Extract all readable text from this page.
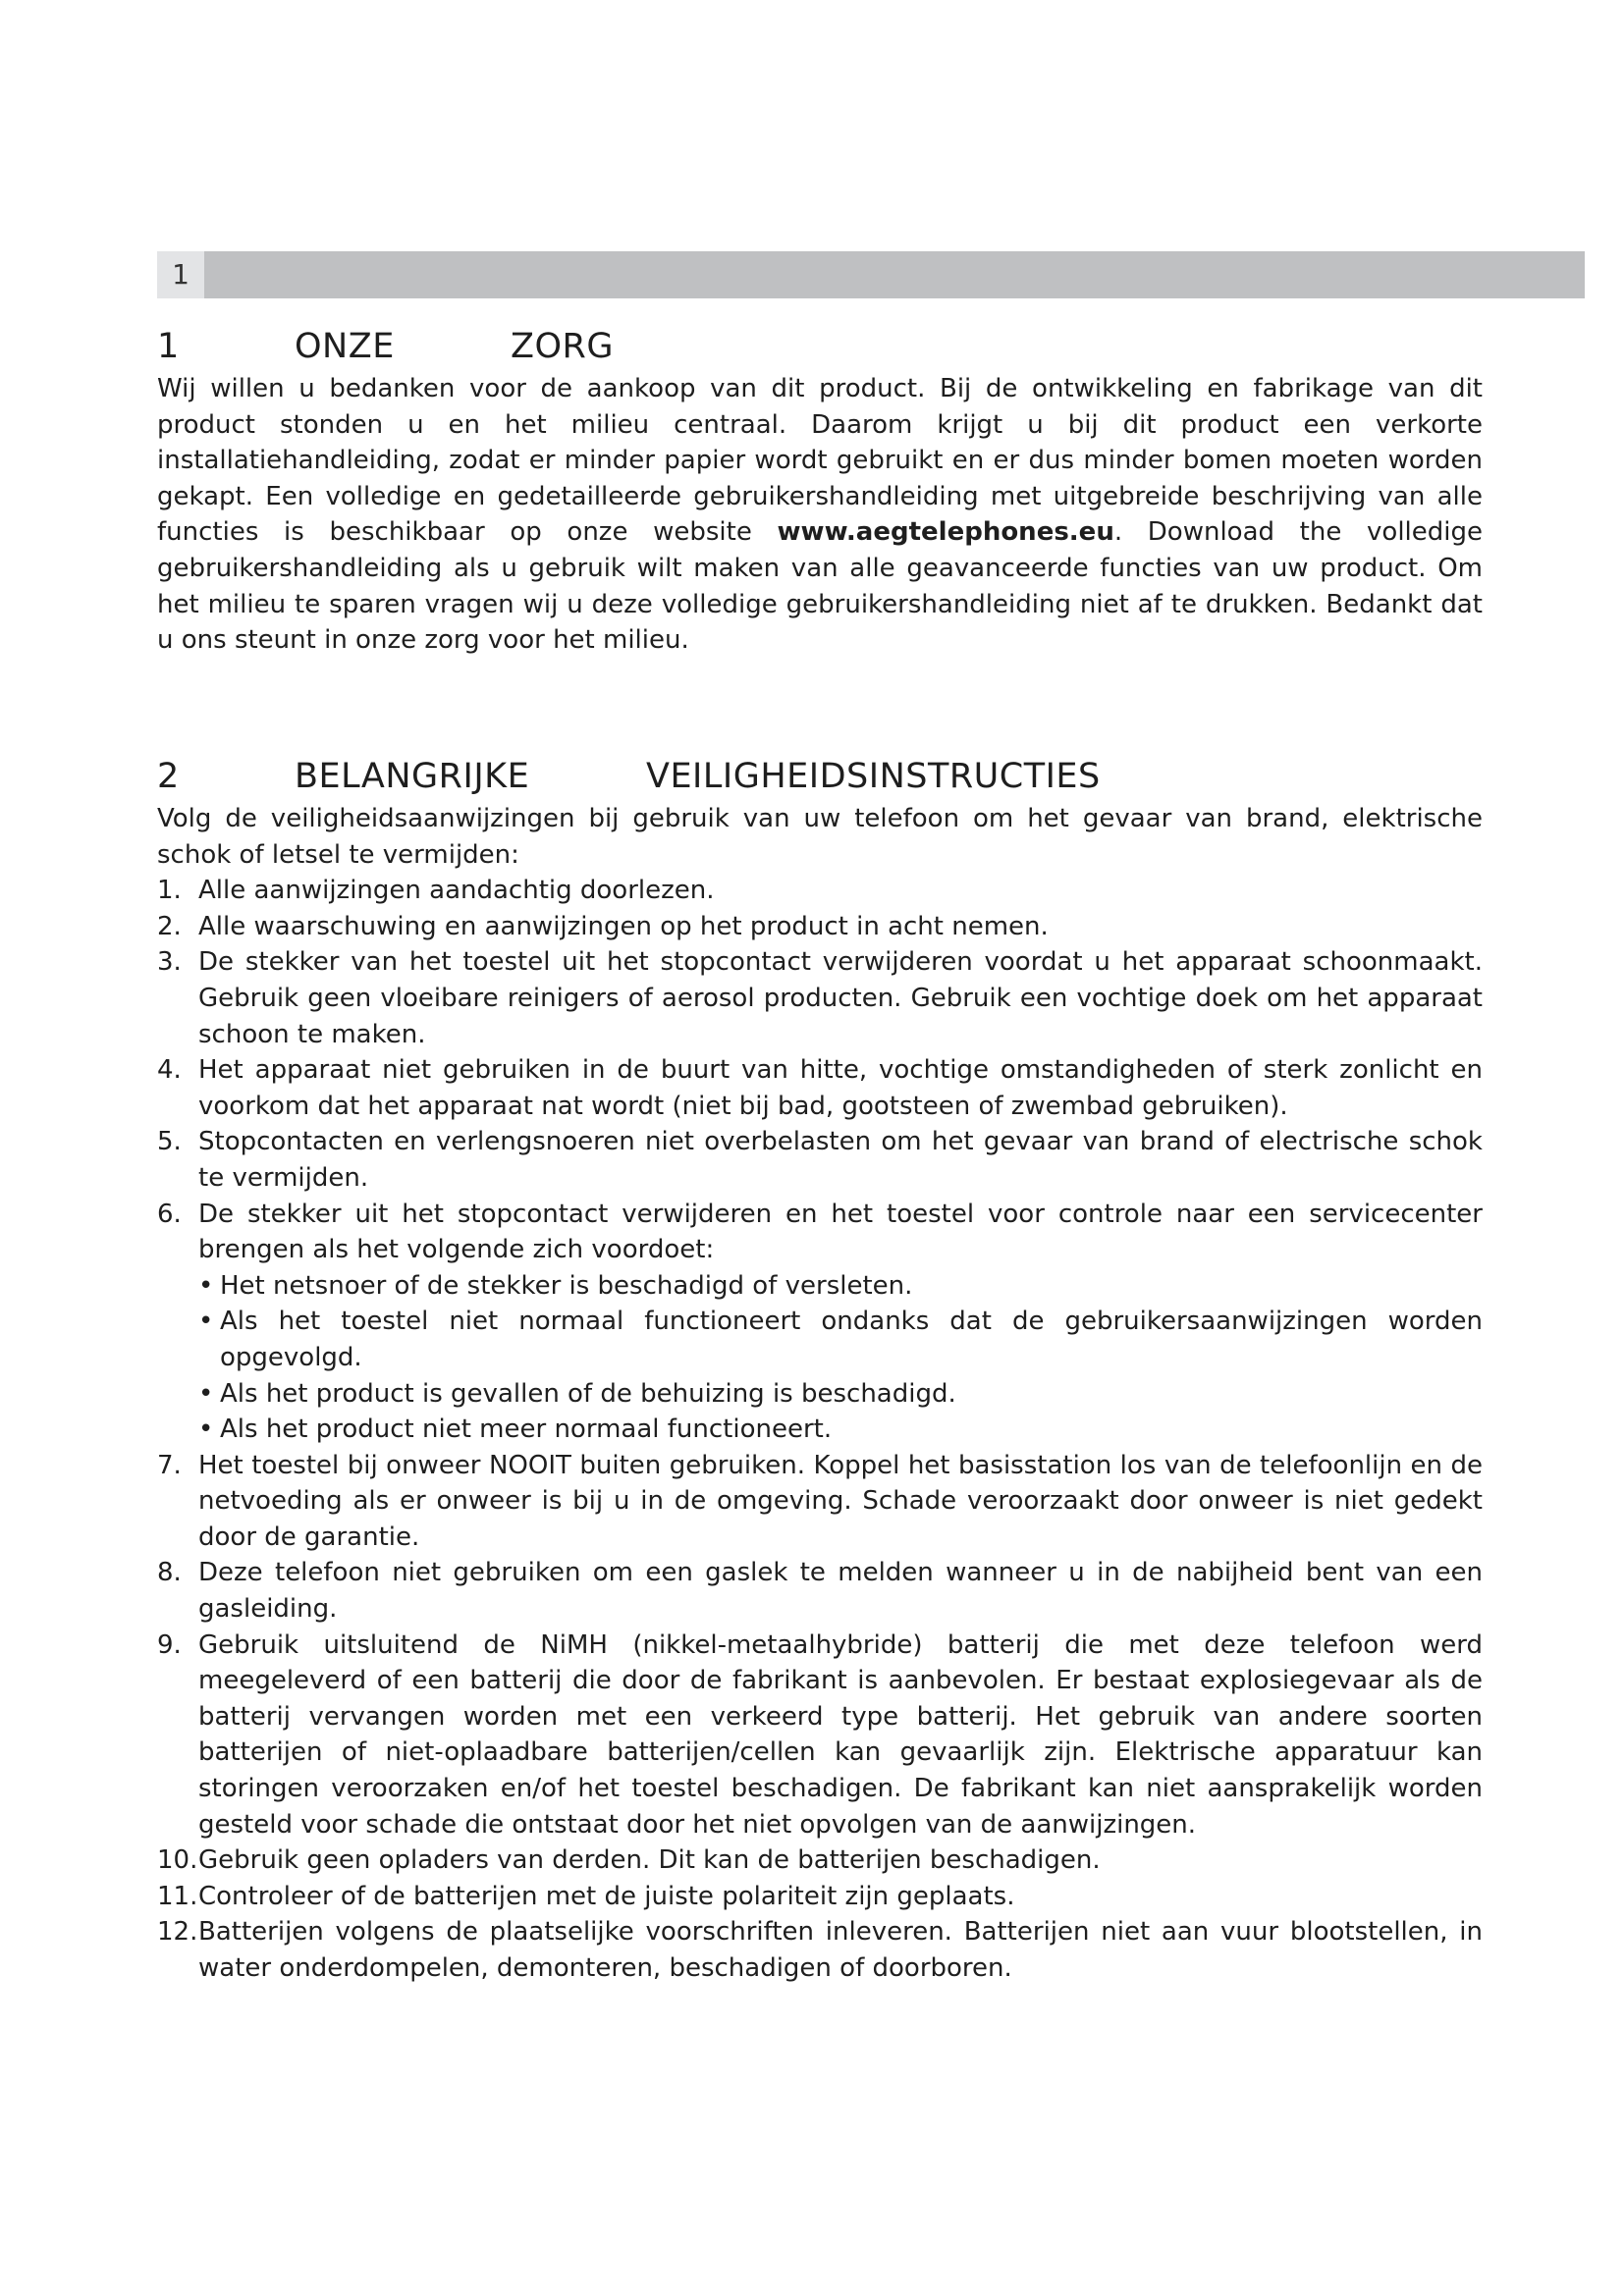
1
1	ONZE	ZORG

Wij willen u bedanken voor de aankoop van dit product. Bij de ontwikkeling en fabrikage van dit product stonden u en het milieu centraal. Daarom krijgt u bij dit product een verkorte installatiehandleiding, zodat er minder papier wordt gebruikt en er dus minder bomen moeten worden gekapt. Een volledige en gedetailleerde gebruikershandleiding met uitgebreide beschrijving van alle functies is beschikbaar op onze website www.aegtelephones.eu. Download the volledige gebruikershandleiding als u gebruik wilt maken van alle geavanceerde functies van uw product. Om het milieu te sparen vragen wij u deze volledige gebruikershandleiding niet af te drukken. Bedankt dat u ons steunt in onze zorg voor het milieu.

2	BELANGRIJKE	VEILIGHEIDSINSTRUCTIES

Volg de veiligheidsaanwijzingen bij gebruik van uw telefoon om het gevaar van brand, elektrische schok of letsel te vermijden:

1. Alle aanwijzingen aandachtig doorlezen.
2. Alle waarschuwing en aanwijzingen op het product in acht nemen.
3. De stekker van het toestel uit het stopcontact verwijderen voordat u het apparaat schoonmaakt. Gebruik geen vloeibare reinigers of aerosol producten. Gebruik een vochtige doek om het apparaat schoon te maken.
4. Het apparaat niet gebruiken in de buurt van hitte, vochtige omstandigheden of sterk zonlicht en voorkom dat het apparaat nat wordt (niet bij bad, gootsteen of zwembad gebruiken).
5. Stopcontacten en verlengsnoeren niet overbelasten om het gevaar van brand of electrische schok te vermijden.
6. De stekker uit het stopcontact verwijderen en het toestel voor controle naar een servicecenter brengen als het volgende zich voordoet:
• Het netsnoer of de stekker is beschadigd of versleten.
• Als het toestel niet normaal functioneert ondanks dat de gebruikersaanwijzingen worden opgevolgd.
• Als het product is gevallen of de behuizing is beschadigd.
• Als het product niet meer normaal functioneert.
7. Het toestel bij onweer NOOIT buiten gebruiken. Koppel het basisstation los van de telefoonlijn en de netvoeding als er onweer is bij u in de omgeving. Schade veroorzaakt door onweer is niet gedekt door de garantie.
8. Deze telefoon niet gebruiken om een gaslek te melden wanneer u in de nabijheid bent van een gasleiding.
9. Gebruik uitsluitend de NiMH (nikkel-metaalhybride) batterij die met deze telefoon werd meegeleverd of een batterij die door de fabrikant is aanbevolen. Er bestaat explosiegevaar als de batterij vervangen worden met een verkeerd type batterij. Het gebruik van andere soorten batterijen of niet-oplaadbare batterijen/cellen kan gevaarlijk zijn. Elektrische apparatuur kan storingen veroorzaken en/of het toestel beschadigen. De fabrikant kan niet aansprakelijk worden gesteld voor schade die ontstaat door het niet opvolgen van de aanwijzingen.
10. Gebruik geen opladers van derden. Dit kan de batterijen beschadigen.
11. Controleer of de batterijen met de juiste polariteit zijn geplaats.
12. Batterijen volgens de plaatselijke voorschriften inleveren. Batterijen niet aan vuur blootstellen, in water onderdompelen, demonteren, beschadigen of doorboren.
